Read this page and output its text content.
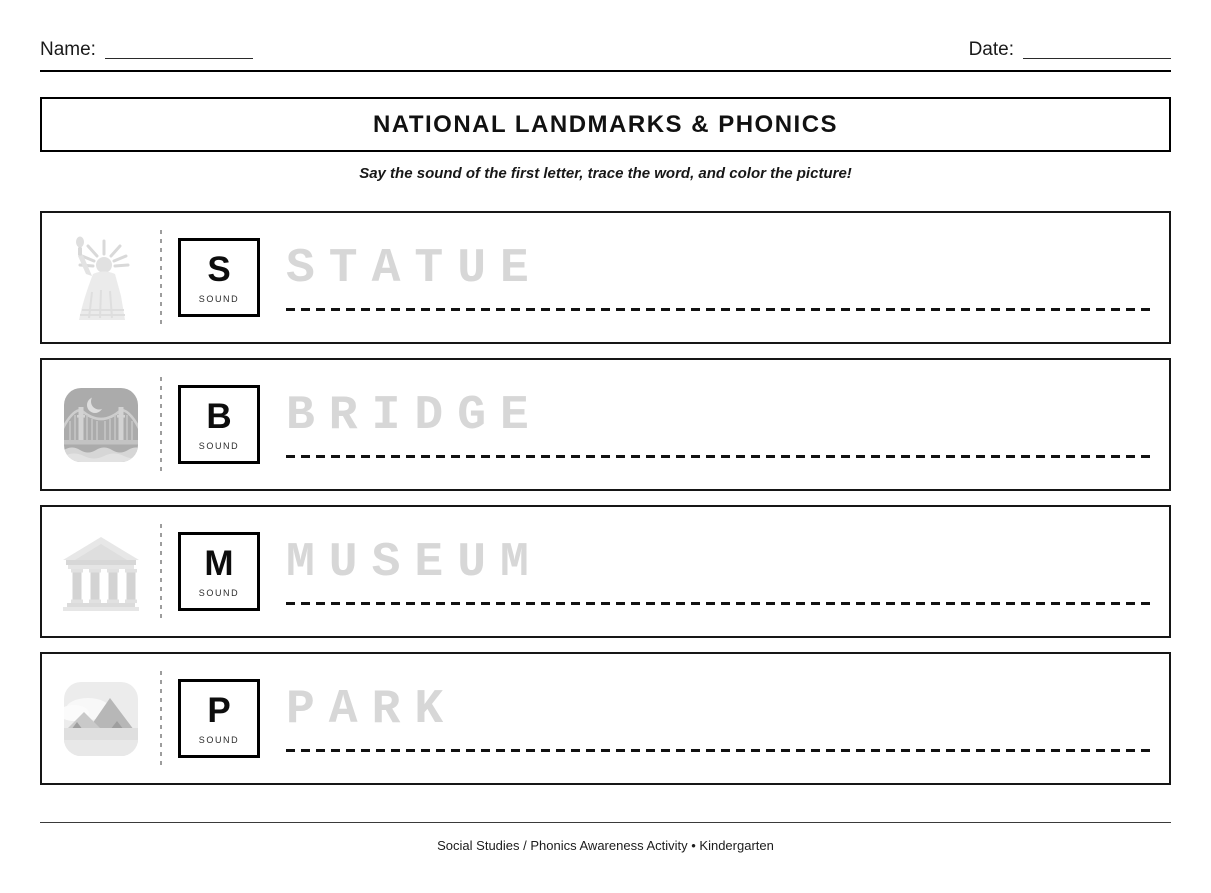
Name:	Date:
NATIONAL LANDMARKS & PHONICS
Say the sound of the first letter, trace the word, and color the picture!
S
SOUND
STATUE
B
SOUND
BRIDGE
M
SOUND
MUSEUM
P
SOUND
PARK
Social Studies / Phonics Awareness Activity • Kindergarten
